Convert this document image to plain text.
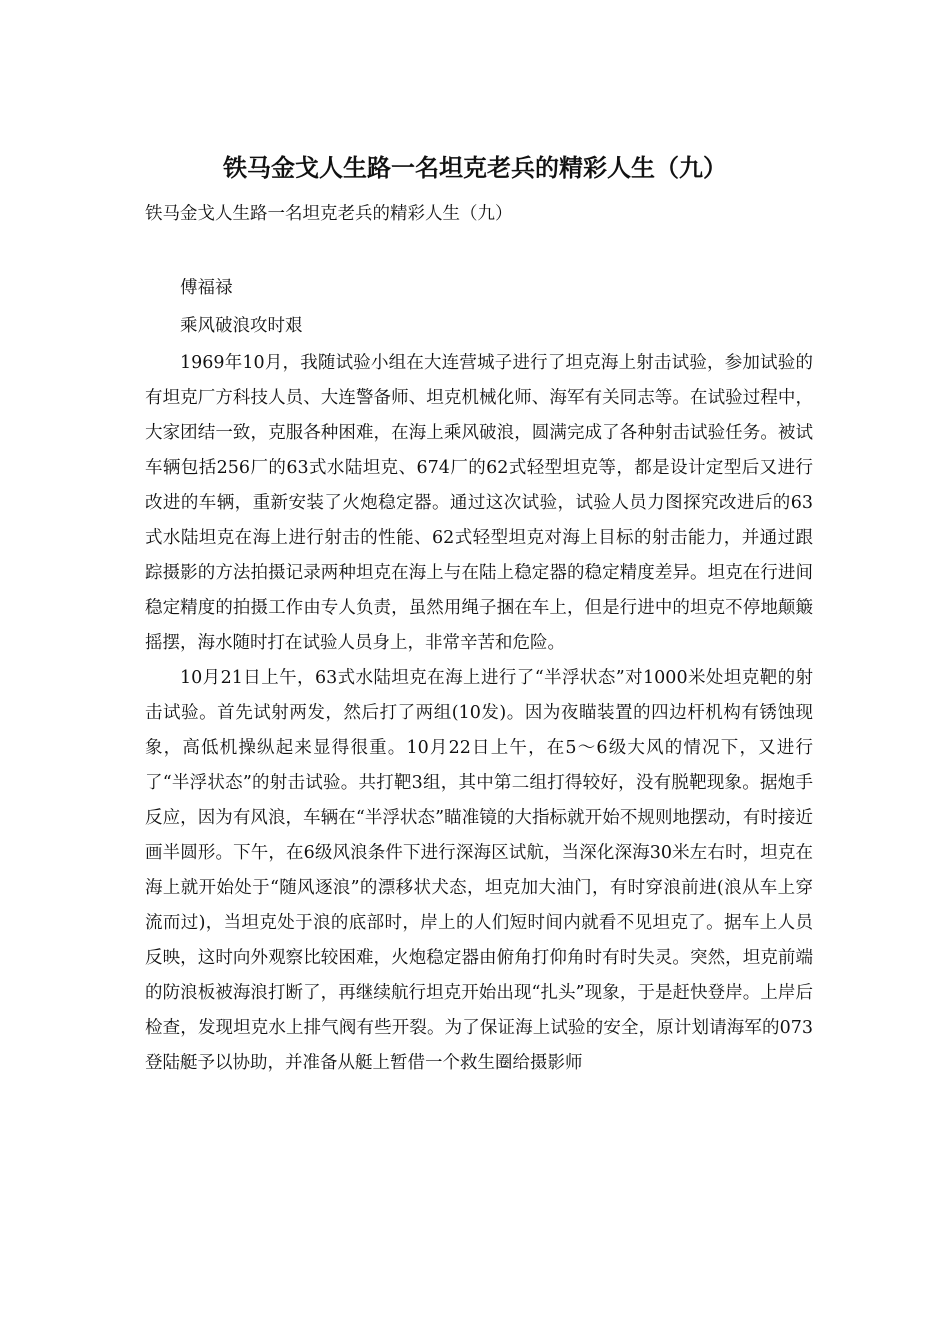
铁马金戈人生路一名坦克老兵的精彩人生（九）
铁马金戈人生路一名坦克老兵的精彩人生（九）
傅福禄
乘风破浪攻时艰

1969年10月，我随试验小组在大连营城子进行了坦克海上射击试验，参加试验的有坦克厂方科技人员、大连警备师、坦克机械化师、海军有关同志等。在试验过程中，大家团结一致，克服各种困难，在海上乘风破浪，圆满完成了各种射击试验任务。被试车辆包括256厂的63式水陆坦克、674厂的62式轻型坦克等，都是设计定型后又进行改进的车辆，重新安装了火炮稳定器。通过这次试验，试验人员力图探究改进后的63式水陆坦克在海上进行射击的性能、62式轻型坦克对海上目标的射击能力，并通过跟踪摄影的方法拍摄记录两种坦克在海上与在陆上稳定器的稳定精度差异。坦克在行进间稳定精度的拍摄工作由专人负责，虽然用绳子捆在车上，但是行进中的坦克不停地颠簸摇摆，海水随时打在试验人员身上，非常辛苦和危险。

10月21日上午，63式水陆坦克在海上进行了“半浮状态”对1000米处坦克靶的射击试验。首先试射两发，然后打了两组(10发)。因为夜瞄装置的四边杆机构有锈蚀现象，高低机操纵起来显得很重。10月22日上午，在5～6级大风的情况下，又进行了“半浮状态”的射击试验。共打靶3组，其中第二组打得较好，没有脱靶现象。据炮手反应，因为有风浪，车辆在“半浮状态”瞄准镜的大指标就开始不规则地摆动，有时接近画半圆形。下午，在6级风浪条件下进行深海区试航，当深化深海30米左右时，坦克在海上就开始处于“随风逐浪”的漂移状犬态，坦克加大油门，有时穿浪前进(浪从车上穿流而过)，当坦克处于浪的底部时，岸上的人们短时间内就看不见坦克了。据车上人员反映，这时向外观察比较困难，火炮稳定器由俯角打仰角时有时失灵。突然，坦克前端的防浪板被海浪打断了，再继续航行坦克开始出现“扎头”现象，于是赶快登岸。上岸后检查，发现坦克水上排气阀有些开裂。为了保证海上试验的安全，原计划请海军的073登陆艇予以协助，并准备从艇上暂借一个救生圈给摄影师
